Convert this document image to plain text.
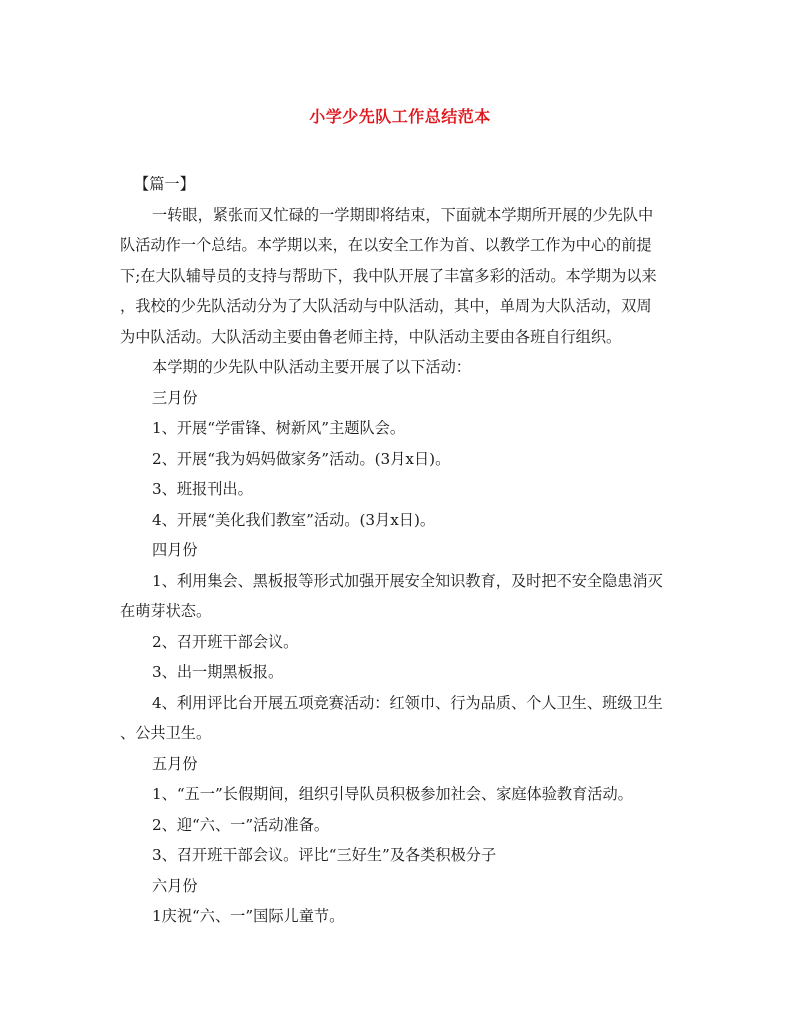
小学少先队工作总结范本

【篇一】

一转眼，紧张而又忙碌的一学期即将结束，下面就本学期所开展的少先队中

队活动作一个总结。本学期以来，在以安全工作为首、以教学工作为中心的前提

下;在大队辅导员的支持与帮助下，我中队开展了丰富多彩的活动。本学期为以来

，我校的少先队活动分为了大队活动与中队活动，其中，单周为大队活动，双周

为中队活动。大队活动主要由鲁老师主持，中队活动主要由各班自行组织。

本学期的少先队中队活动主要开展了以下活动：

三月份

1、开展“学雷锋、树新风”主题队会。

2、开展“我为妈妈做家务”活动。(3月x日)。

3、班报刊出。

4、开展“美化我们教室”活动。(3月x日)。

四月份

1、利用集会、黑板报等形式加强开展安全知识教育，及时把不安全隐患消灭

在萌芽状态。

2、召开班干部会议。

3、出一期黑板报。

4、利用评比台开展五项竞赛活动：红领巾、行为品质、个人卫生、班级卫生

、公共卫生。

五月份

1、“五一”长假期间，组织引导队员积极参加社会、家庭体验教育活动。

2、迎“六、一”活动准备。

3、召开班干部会议。评比“三好生”及各类积极分子

六月份

1庆祝“六、一”国际儿童节。
